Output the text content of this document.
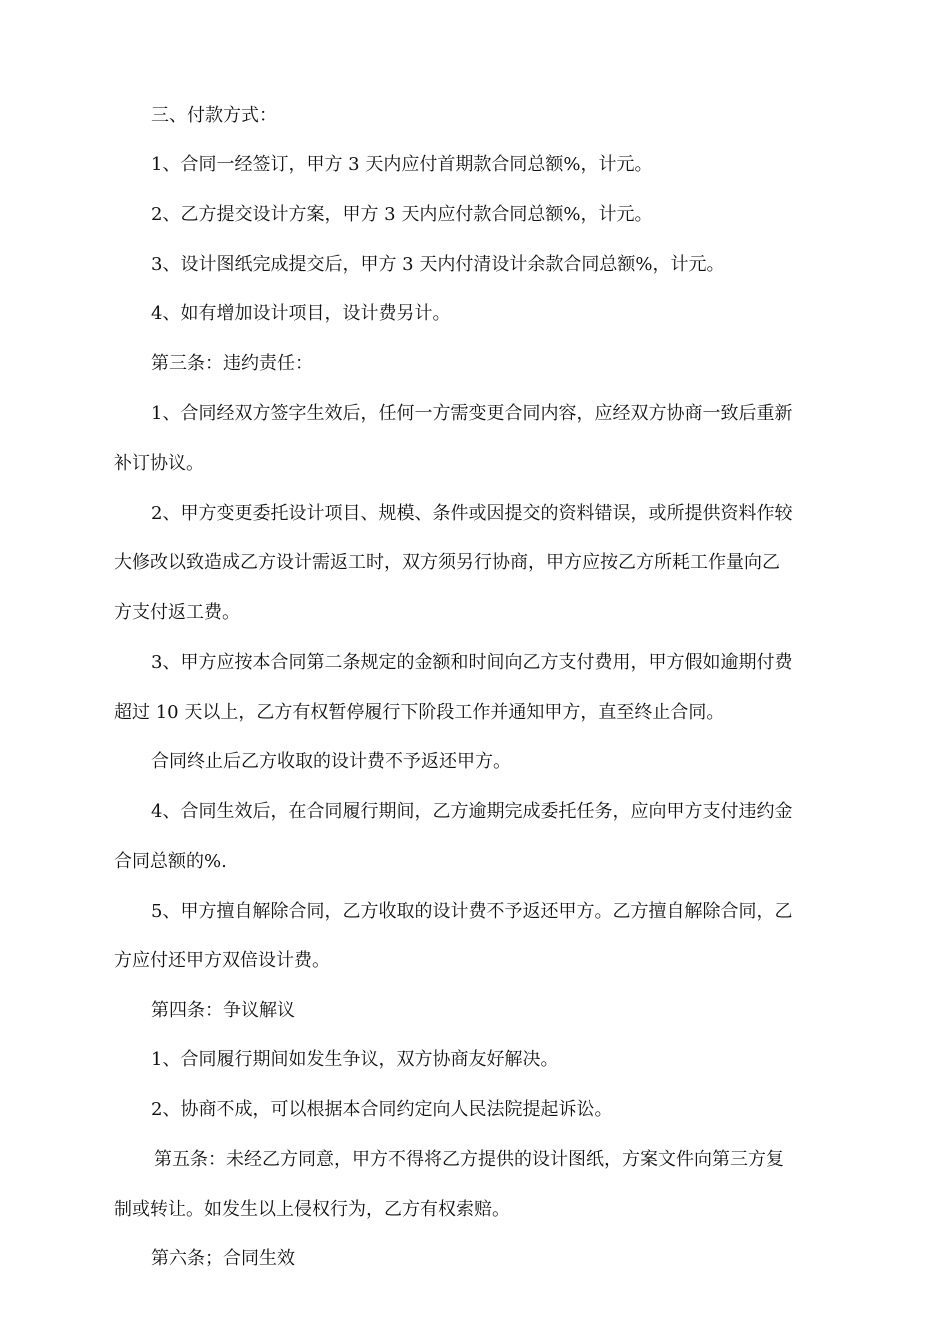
三、付款方式：

1、合同一经签订，甲方 3 天内应付首期款合同总额%，计元。

2、乙方提交设计方案，甲方 3 天内应付款合同总额%，计元。

3、设计图纸完成提交后，甲方 3 天内付清设计余款合同总额%，计元。

4、如有增加设计项目，设计费另计。

第三条：违约责任：

1、合同经双方签字生效后，任何一方需变更合同内容，应经双方协商一致后重新

补订协议。

2、甲方变更委托设计项目、规模、条件或因提交的资料错误，或所提供资料作较

大修改以致造成乙方设计需返工时，双方须另行协商，甲方应按乙方所耗工作量向乙

方支付返工费。

3、甲方应按本合同第二条规定的金额和时间向乙方支付费用，甲方假如逾期付费

超过 10 天以上，乙方有权暂停履行下阶段工作并通知甲方，直至终止合同。

合同终止后乙方收取的设计费不予返还甲方。

4、合同生效后，在合同履行期间，乙方逾期完成委托任务，应向甲方支付违约金

合同总额的%.

5、甲方擅自解除合同，乙方收取的设计费不予返还甲方。乙方擅自解除合同，乙

方应付还甲方双倍设计费。

第四条：争议解议

1、合同履行期间如发生争议，双方协商友好解决。

2、协商不成，可以根据本合同约定向人民法院提起诉讼。

第五条：未经乙方同意，甲方不得将乙方提供的设计图纸，方案文件向第三方复

制或转让。如发生以上侵权行为，乙方有权索赔。

第六条；合同生效
